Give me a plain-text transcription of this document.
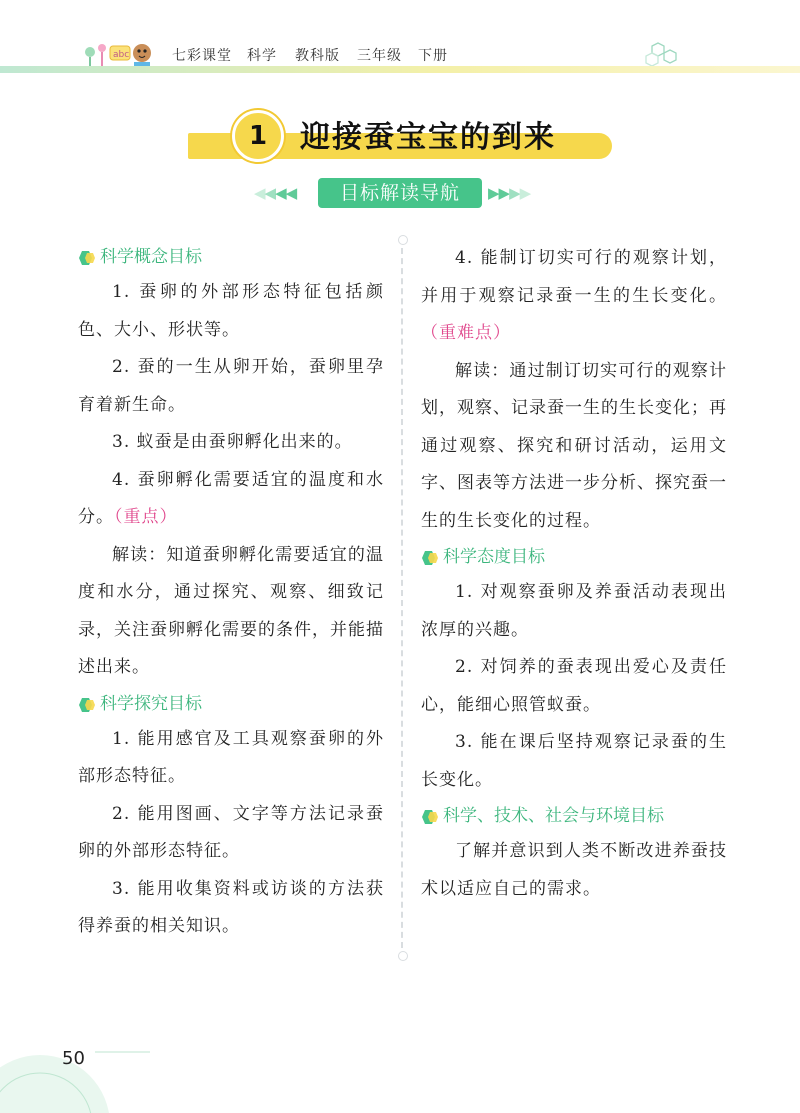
abc	七彩课堂 科学 教科版 三年级 下册
1	迎接蚕宝宝的到来
◀◀◀◀	目标解读导航	▶▶▶▶
科学概念目标

1. 蚕卵的外部形态特征包括颜色、大小、形状等。

2. 蚕的一生从卵开始，蚕卵里孕育着新生命。

3. 蚁蚕是由蚕卵孵化出来的。

4. 蚕卵孵化需要适宜的温度和水分。（重点）

解读：知道蚕卵孵化需要适宜的温度和水分，通过探究、观察、细致记录，关注蚕卵孵化需要的条件，并能描述出来。

科学探究目标

1. 能用感官及工具观察蚕卵的外部形态特征。

2. 能用图画、文字等方法记录蚕卵的外部形态特征。

3. 能用收集资料或访谈的方法获得养蚕的相关知识。

4. 能制订切实可行的观察计划，并用于观察记录蚕一生的生长变化。（重难点）

解读：通过制订切实可行的观察计划，观察、记录蚕一生的生长变化；再通过观察、探究和研讨活动，运用文字、图表等方法进一步分析、探究蚕一生的生长变化的过程。

科学态度目标

1. 对观察蚕卵及养蚕活动表现出浓厚的兴趣。

2. 对饲养的蚕表现出爱心及责任心，能细心照管蚁蚕。

3. 能在课后坚持观察记录蚕的生长变化。

科学、技术、社会与环境目标

了解并意识到人类不断改进养蚕技术以适应自己的需求。

50
